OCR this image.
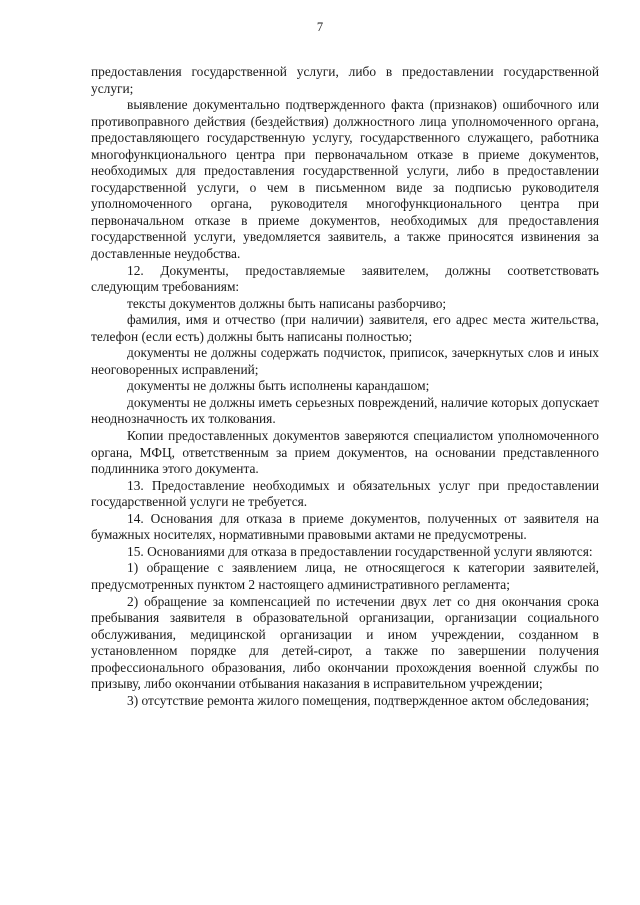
7

предоставления государственной услуги, либо в предоставлении государственной услуги;

выявление документально подтвержденного факта (признаков) ошибочного или противоправного действия (бездействия) должностного лица уполномоченного органа, предоставляющего государственную услугу, государственного служащего, работника многофункционального центра при первоначальном отказе в приеме документов, необходимых для предоставления государственной услуги, либо в предоставлении государственной услуги, о чем в письменном виде за подписью руководителя уполномоченного органа, руководителя многофункционального центра при первоначальном отказе в приеме документов, необходимых для предоставления государственной услуги, уведомляется заявитель, а также приносятся извинения за доставленные неудобства.

12. Документы, предоставляемые заявителем, должны соответствовать следующим требованиям:

тексты документов должны быть написаны разборчиво;

фамилия, имя и отчество (при наличии) заявителя, его адрес места жительства, телефон (если есть) должны быть написаны полностью;

документы не должны содержать подчисток, приписок, зачеркнутых слов и иных неоговоренных исправлений;

документы не должны быть исполнены карандашом;

документы не должны иметь серьезных повреждений, наличие которых допускает неоднозначность их толкования.

Копии предоставленных документов заверяются специалистом уполномоченного органа, МФЦ, ответственным за прием документов, на основании представленного подлинника этого документа.

13. Предоставление необходимых и обязательных услуг при предоставлении государственной услуги не требуется.

14. Основания для отказа в приеме документов, полученных от заявителя на бумажных носителях, нормативными правовыми актами не предусмотрены.

15. Основаниями для отказа в предоставлении государственной услуги являются:

1) обращение с заявлением лица, не относящегося к категории заявителей, предусмотренных пунктом 2 настоящего административного регламента;

2) обращение за компенсацией по истечении двух лет со дня окончания срока пребывания заявителя в образовательной организации, организации социального обслуживания, медицинской организации и ином учреждении, созданном в установленном порядке для детей-сирот, а также по завершении получения профессионального образования, либо окончании прохождения военной службы по призыву, либо окончании отбывания наказания в исправительном учреждении;

3) отсутствие ремонта жилого помещения, подтвержденное актом обследования;
